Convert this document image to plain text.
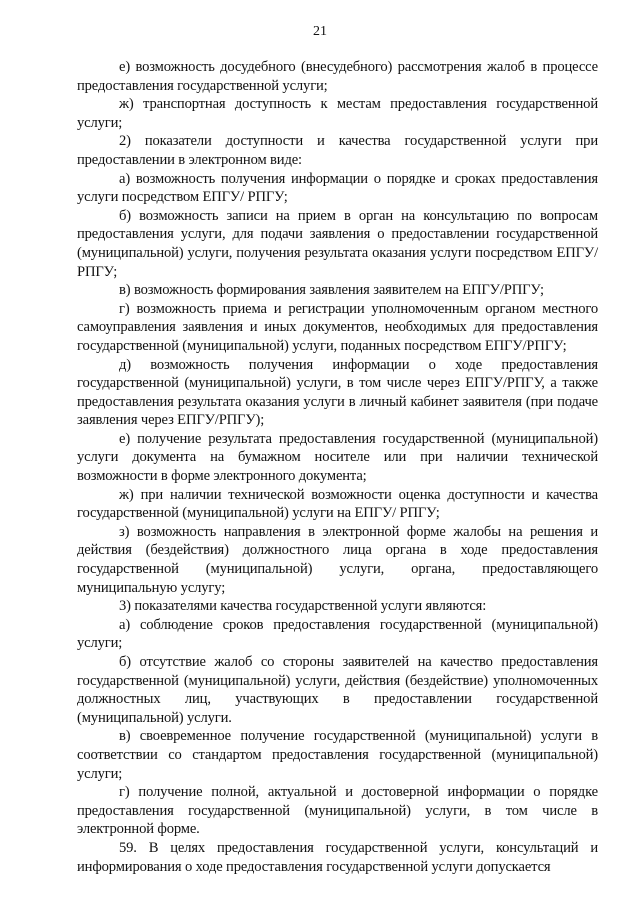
21

е) возможность досудебного (внесудебного) рассмотрения жалоб в процессе предоставления государственной услуги;

ж) транспортная доступность к местам предоставления государственной услуги;

2) показатели доступности и качества государственной услуги при предоставлении в электронном виде:

а) возможность получения информации о порядке и сроках предоставления услуги посредством ЕПГУ/ РПГУ;

б) возможность записи на прием в орган на консультацию по вопросам предоставления услуги, для подачи заявления о предоставлении государственной (муниципальной) услуги, получения результата оказания услуги посредством ЕПГУ/РПГУ;

в) возможность формирования заявления заявителем на ЕПГУ/РПГУ;

г) возможность приема и регистрации уполномоченным органом местного самоуправления заявления и иных документов, необходимых для предоставления государственной (муниципальной) услуги, поданных посредством ЕПГУ/РПГУ;

д) возможность получения информации о ходе предоставления государственной (муниципальной) услуги, в том числе через ЕПГУ/РПГУ, а также предоставления результата оказания услуги в личный кабинет заявителя (при подаче заявления через ЕПГУ/РПГУ);

е) получение результата предоставления государственной (муниципальной) услуги документа на бумажном носителе или при наличии технической возможности в форме электронного документа;

ж) при наличии технической возможности оценка доступности и качества государственной (муниципальной) услуги на ЕПГУ/ РПГУ;

з) возможность направления в электронной форме жалобы на решения и действия (бездействия) должностного лица органа в ходе предоставления государственной (муниципальной) услуги, органа, предоставляющего муниципальную услугу;

3) показателями качества государственной услуги являются:

а) соблюдение сроков предоставления государственной (муниципальной) услуги;

б) отсутствие жалоб со стороны заявителей на качество предоставления государственной (муниципальной) услуги, действия (бездействие) уполномоченных должностных лиц, участвующих в предоставлении государственной (муниципальной) услуги.

в) своевременное получение государственной (муниципальной) услуги в соответствии со стандартом предоставления государственной (муниципальной) услуги;

г) получение полной, актуальной и достоверной информации о порядке предоставления государственной (муниципальной) услуги, в том числе в электронной форме.

59. В целях предоставления государственной услуги, консультаций и информирования о ходе предоставления государственной услуги допускается
